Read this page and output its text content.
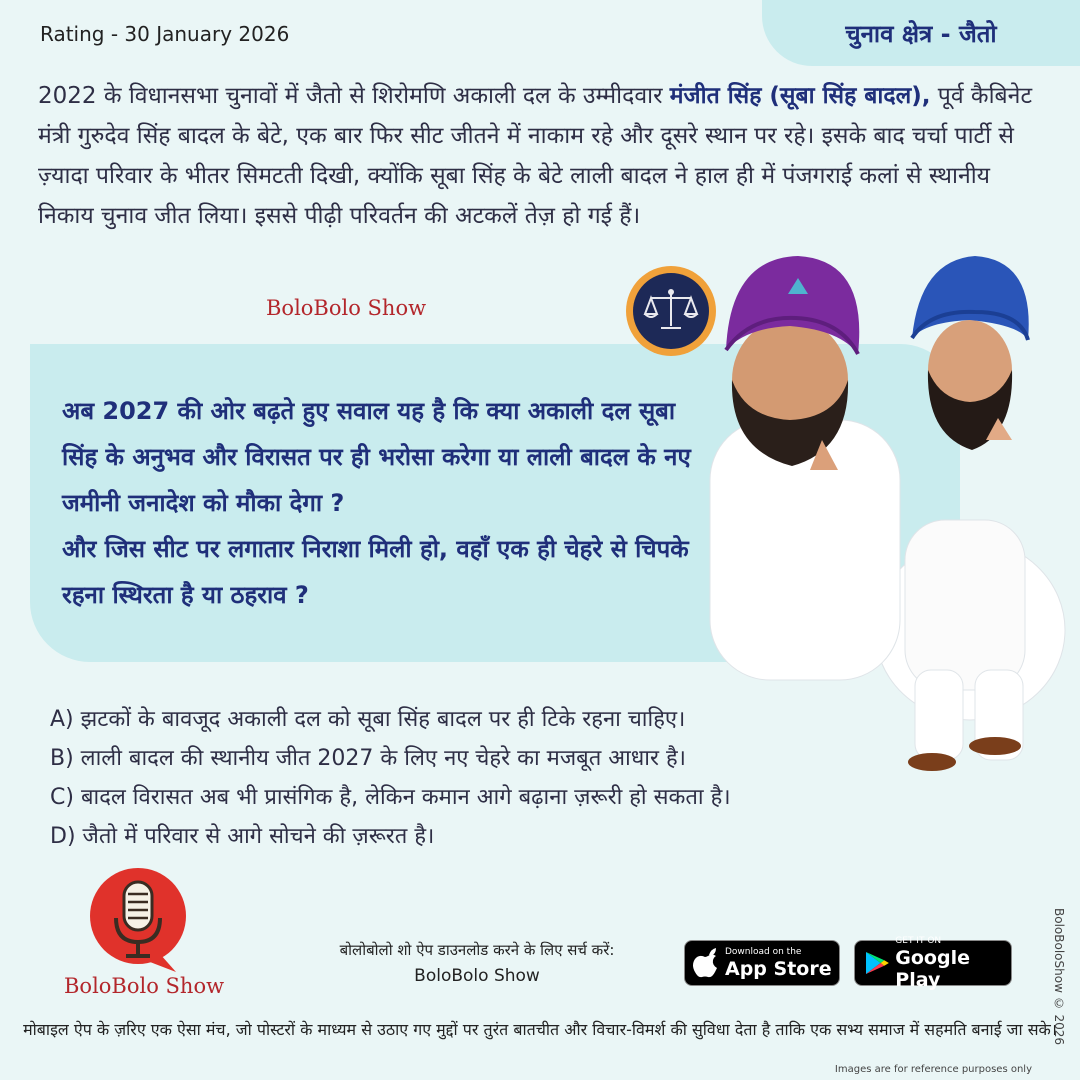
Rating - 30 January 2026	चुनाव क्षेत्र - जैतो

2022 के विधानसभा चुनावों में जैतो से शिरोमणि अकाली दल के उम्मीदवार मंजीत सिंह (सूबा सिंह बादल), पूर्व कैबिनेट मंत्री गुरुदेव सिंह बादल के बेटे, एक बार फिर सीट जीतने में नाकाम रहे और दूसरे स्थान पर रहे। इसके बाद चर्चा पार्टी से ज़्यादा परिवार के भीतर सिमटती दिखी, क्योंकि सूबा सिंह के बेटे लाली बादल ने हाल ही में पंजगराई कलां से स्थानीय निकाय चुनाव जीत लिया। इससे पीढ़ी परिवर्तन की अटकलें तेज़ हो गई हैं।

BoloBolo Show
अब 2027 की ओर बढ़ते हुए सवाल यह है कि क्या अकाली दल सूबा सिंह के अनुभव और विरासत पर ही भरोसा करेगा या लाली बादल के नए जमीनी जनादेश को मौका देगा ?
और जिस सीट पर लगातार निराशा मिली हो, वहाँ एक ही चेहरे से चिपके रहना स्थिरता है या ठहराव ?
A) झटकों के बावजूद अकाली दल को सूबा सिंह बादल पर ही टिके रहना चाहिए।
B) लाली बादल की स्थानीय जीत 2027 के लिए नए चेहरे का मजबूत आधार है।
C) बादल विरासत अब भी प्रासंगिक है, लेकिन कमान आगे बढ़ाना ज़रूरी हो सकता है।
D) जैतो में परिवार से आगे सोचने की ज़रूरत है।
BoloBolo Show
बोलोबोलो शो ऐप डाउनलोड करने के लिए सर्च करें:
BoloBolo Show
Download on the
App Store
GET IT ON
Google Play
मोबाइल ऐप के ज़रिए एक ऐसा मंच, जो पोस्टरों के माध्यम से उठाए गए मुद्दों पर तुरंत बातचीत और विचार-विमर्श की सुविधा देता है ताकि एक सभ्य समाज में सहमति बनाई जा सके।
Images are for reference purposes only
BoloBoloShow © 2026
